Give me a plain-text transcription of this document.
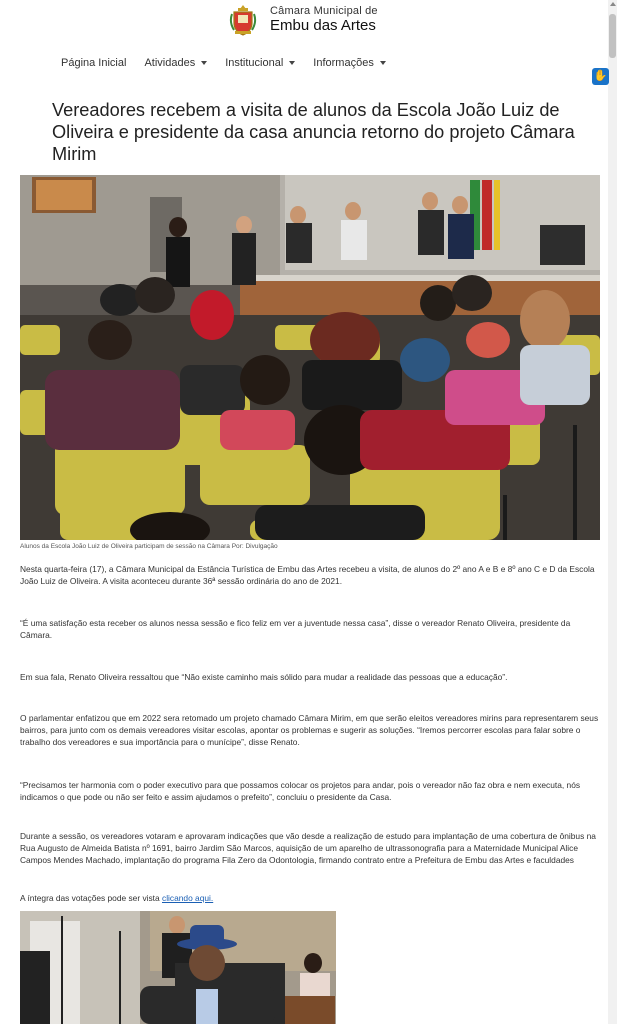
Câmara Municipal de
Embu das Artes
Página Inicial Atividades	Institucional	Informações
✋
Vereadores recebem a visita de alunos da Escola João Luiz de Oliveira e presidente da casa anuncia retorno do projeto Câmara Mirim
Alunos da Escola João Luiz de Oliveira participam de sessão na Câmara Por: Divulgação

Nesta quarta-feira (17), a Câmara Municipal da Estância Turística de Embu das Artes recebeu a visita, de alunos do 2º ano A e B e 8º ano C e D da Escola João Luiz de Oliveira. A visita aconteceu durante 36ª sessão ordinária do ano de 2021.

“É uma satisfação esta receber os alunos nessa sessão e fico feliz em ver a juventude nessa casa”, disse o vereador Renato Oliveira, presidente da Câmara.

Em sua fala, Renato Oliveira ressaltou que “Não existe caminho mais sólido para mudar a realidade das pessoas que a educação”.

O parlamentar enfatizou que em 2022 sera retomado um projeto chamado Câmara Mirim, em que serão eleitos vereadores mirins para representarem seus bairros, para junto com os demais vereadores visitar escolas, apontar os problemas e sugerir as soluções. “Iremos percorrer escolas para falar sobre o trabalho dos vereadores e sua importância para o munícipe”, disse Renato.

“Precisamos ter harmonia com o poder executivo para que possamos colocar os projetos para andar, pois o vereador não faz obra e nem executa, nós indicamos o que pode ou não ser feito e assim ajudamos o prefeito”, concluiu o presidente da Casa.

Durante a sessão, os vereadores votaram e aprovaram indicações que vão desde a realização de estudo para implantação de uma cobertura de ônibus na Rua Augusto de Almeida Batista nº 1691, bairro Jardim São Marcos, aquisição de um aparelho de ultrassonografia para a Maternidade Municipal Alice Campos Mendes Machado, implantação do programa Fila Zero da Odontologia, firmando contrato entre a Prefeitura de Embu das Artes e faculdades

A íntegra das votações pode ser vista clicando aqui.
